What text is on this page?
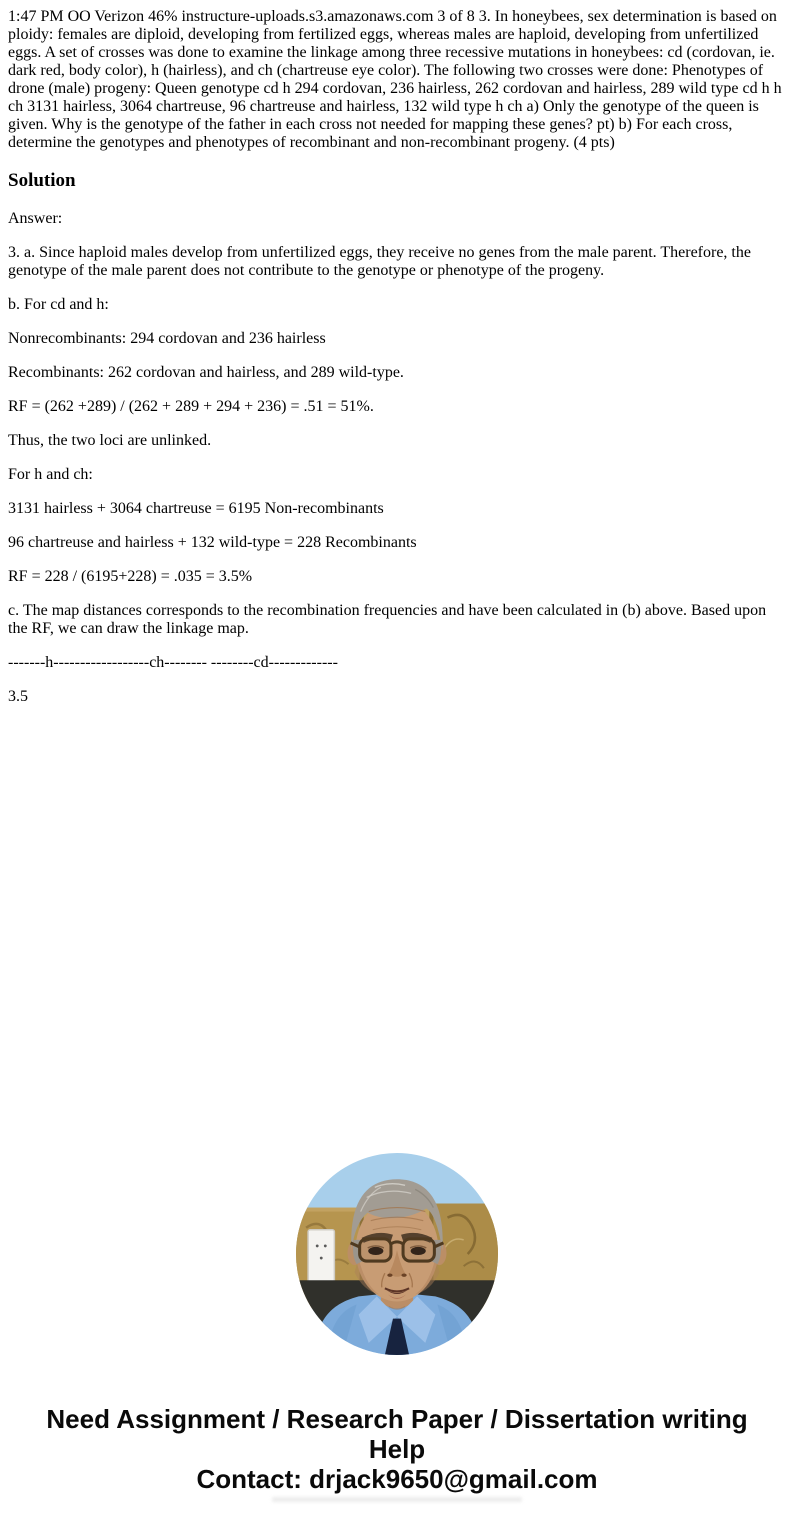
1:47 PM OO Verizon 46% instructure-uploads.s3.amazonaws.com 3 of 8 3. In honeybees, sex determination is based on ploidy: females are diploid, developing from fertilized eggs, whereas males are haploid, developing from unfertilized eggs. A set of crosses was done to examine the linkage among three recessive mutations in honeybees: cd (cordovan, ie. dark red, body color), h (hairless), and ch (chartreuse eye color). The following two crosses were done: Phenotypes of drone (male) progeny: Queen genotype cd h 294 cordovan, 236 hairless, 262 cordovan and hairless, 289 wild type cd h h ch 3131 hairless, 3064 chartreuse, 96 chartreuse and hairless, 132 wild type h ch a) Only the genotype of the queen is given. Why is the genotype of the father in each cross not needed for mapping these genes? pt) b) For each cross, determine the genotypes and phenotypes of recombinant and non-recombinant progeny. (4 pts)

Solution

Answer:

3. a. Since haploid males develop from unfertilized eggs, they receive no genes from the male parent. Therefore, the genotype of the male parent does not contribute to the genotype or phenotype of the progeny.

b. For cd and h:

Nonrecombinants: 294 cordovan and 236 hairless

Recombinants: 262 cordovan and hairless, and 289 wild-type.

RF = (262 +289) / (262 + 289 + 294 + 236) = .51 = 51%.

Thus, the two loci are unlinked.

For h and ch:

3131 hairless + 3064 chartreuse = 6195 Non-recombinants

96 chartreuse and hairless + 132 wild-type = 228 Recombinants

RF = 228 / (6195+228) = .035 = 3.5%

c. The map distances corresponds to the recombination frequencies and have been calculated in (b) above. Based upon the RF, we can draw the linkage map.

-------h------------------ch-------- --------cd-------------

3.5

Need Assignment / Research Paper / Dissertation writing Help
Contact: drjack9650@gmail.com
